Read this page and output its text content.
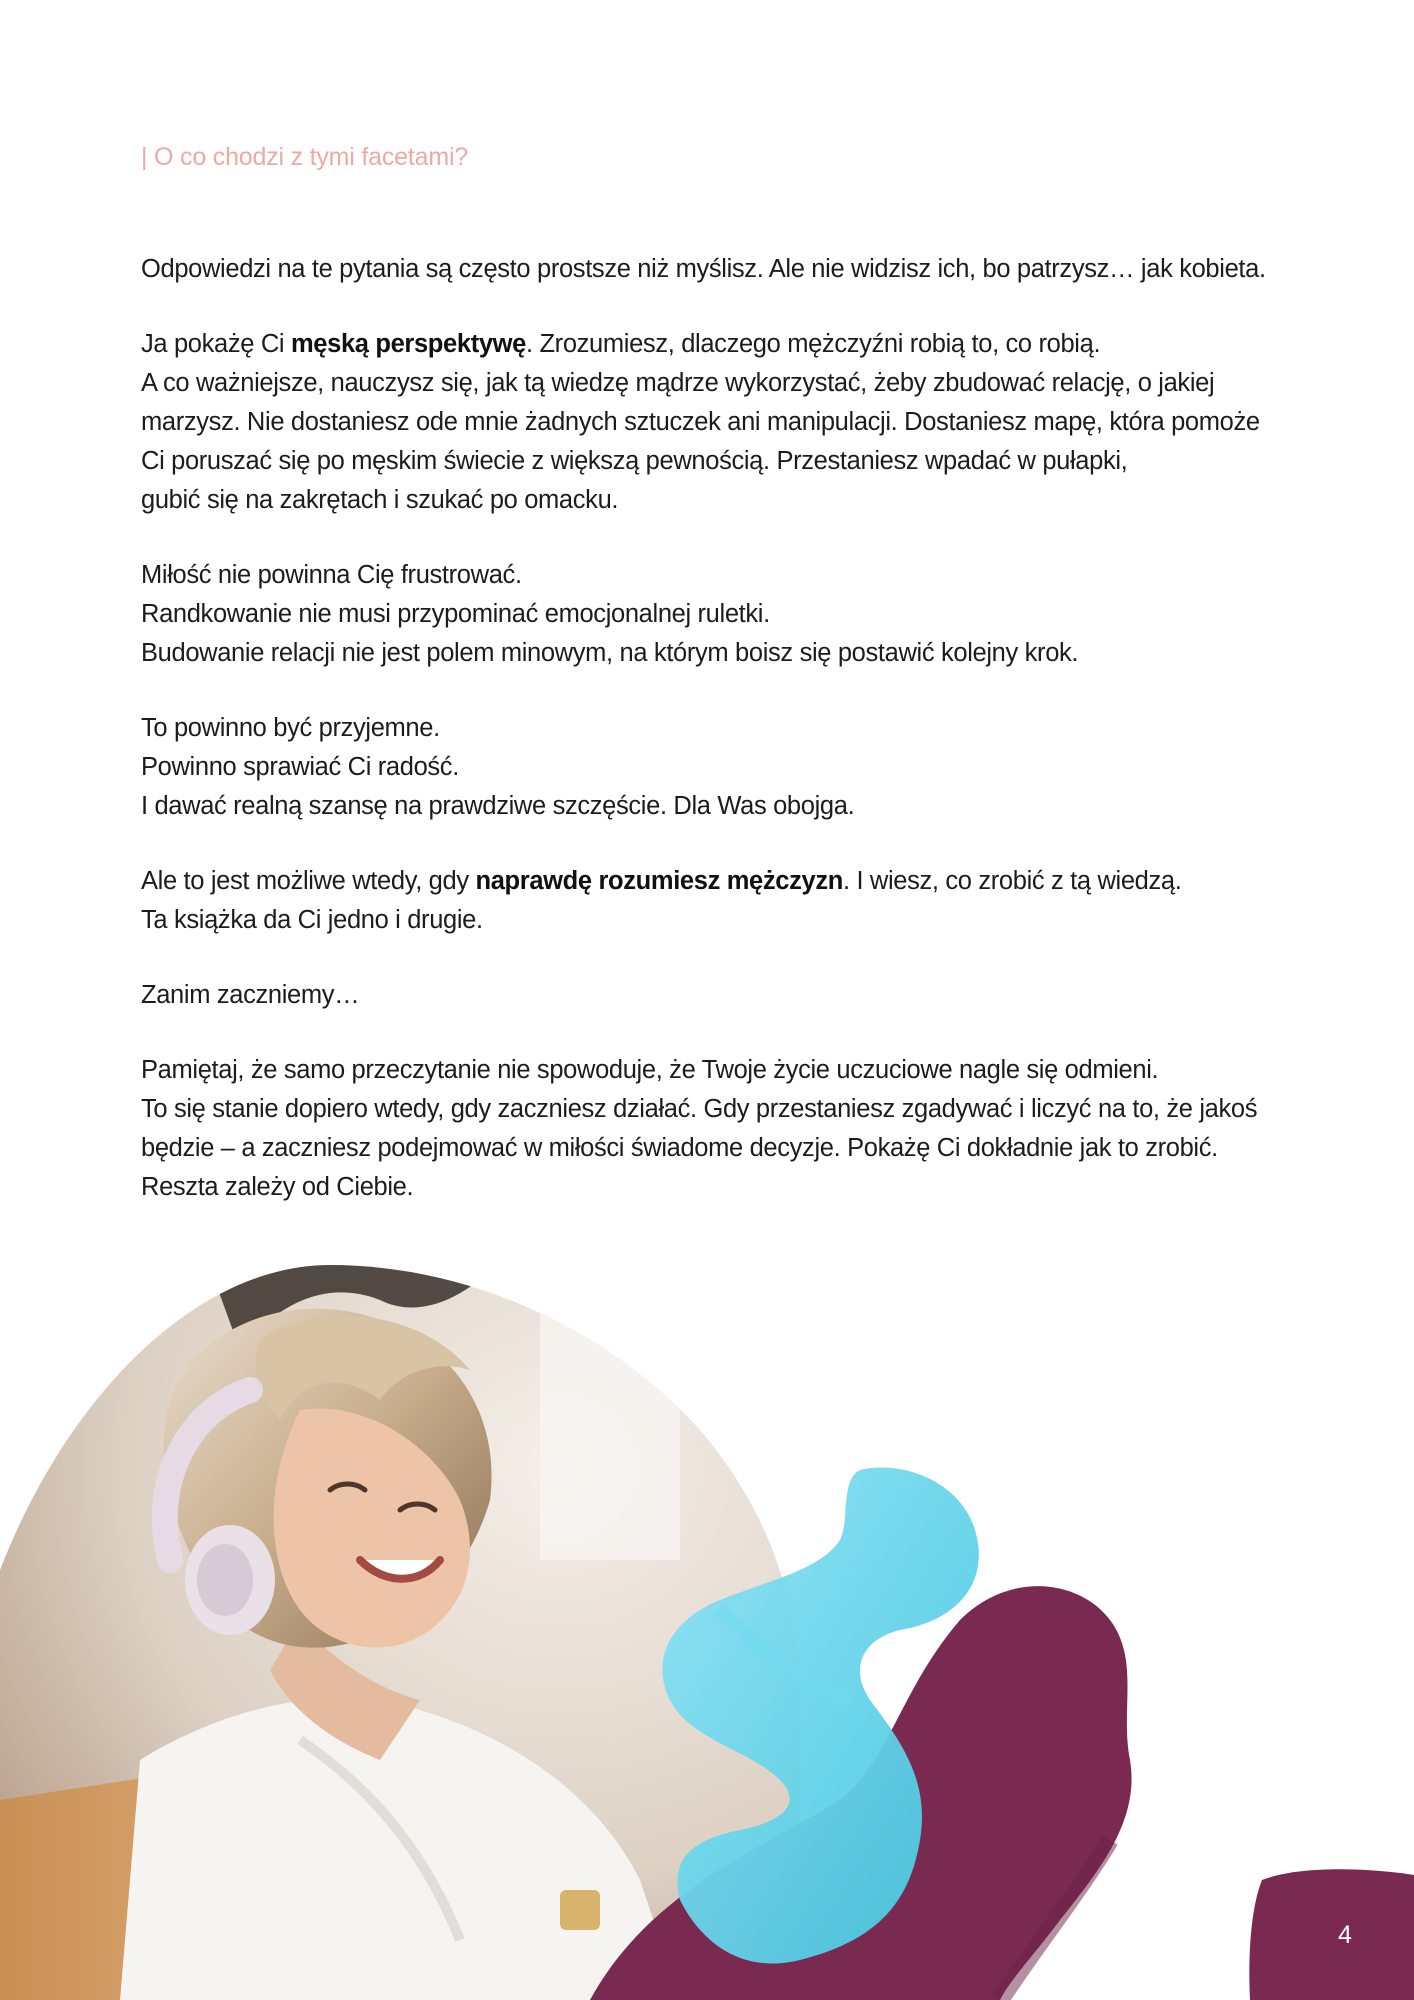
| O co chodzi z tymi facetami?

Odpowiedzi na te pytania są często prostsze niż myślisz. Ale nie widzisz ich, bo patrzysz… jak kobieta.

Ja pokażę Ci męską perspektywę. Zrozumiesz, dlaczego mężczyźni robią to, co robią.
A co ważniejsze, nauczysz się, jak tą wiedzę mądrze wykorzystać, żeby zbudować relację, o jakiej
marzysz. Nie dostaniesz ode mnie żadnych sztuczek ani manipulacji. Dostaniesz mapę, która pomoże
Ci poruszać się po męskim świecie z większą pewnością. Przestaniesz wpadać w pułapki,
gubić się na zakrętach i szukać po omacku.

Miłość nie powinna Cię frustrować.
Randkowanie nie musi przypominać emocjonalnej ruletki.
Budowanie relacji nie jest polem minowym, na którym boisz się postawić kolejny krok.

To powinno być przyjemne.
Powinno sprawiać Ci radość.
I dawać realną szansę na prawdziwe szczęście. Dla Was obojga.

Ale to jest możliwe wtedy, gdy naprawdę rozumiesz mężczyzn. I wiesz, co zrobić z tą wiedzą.
Ta książka da Ci jedno i drugie.

Zanim zaczniemy…

Pamiętaj, że samo przeczytanie nie spowoduje, że Twoje życie uczuciowe nagle się odmieni.
To się stanie dopiero wtedy, gdy zaczniesz działać. Gdy przestaniesz zgadywać i liczyć na to, że jakoś
będzie – a zaczniesz podejmować w miłości świadome decyzje. Pokażę Ci dokładnie jak to zrobić.
Reszta zależy od Ciebie.

4
